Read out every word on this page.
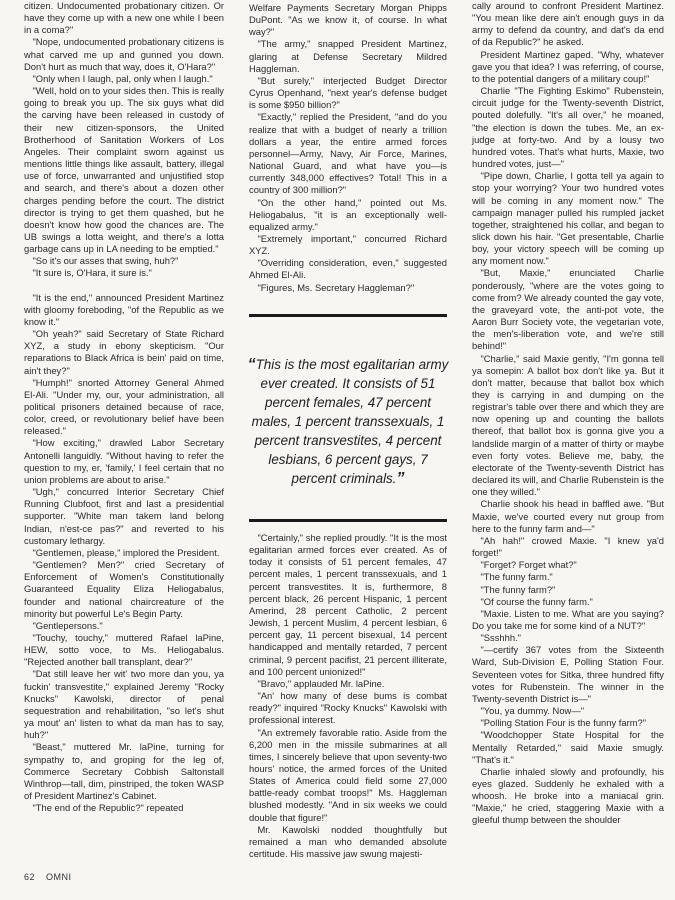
citizen. Undocumented probationary citizen. Or have they come up with a new one while I been in a coma?"

"Nope, undocumented probationary citizens is what carved me up and gunned you down. Don't hurt as much that way, does it, O'Hara?"

"Only when I laugh, pal, only when I laugh."

"Well, hold on to your sides then. This is really going to break you up. The six guys what did the carving have been released in custody of their new citizen-sponsors, the United Brotherhood of Sanitation Workers of Los Angeles. Their complaint sworn against us mentions little things like assault, battery, illegal use of force, unwarranted and unjustified stop and search, and there's about a dozen other charges pending before the court. The district director is trying to get them quashed, but he doesn't know how good the chances are. The UB swings a lotta weight, and there's a lotta garbage cans up in LA needing to be emptied."

"So it's our asses that swing, huh?"

"It sure is, O'Hara, it sure is."

"It is the end," announced President Martinez with gloomy foreboding, "of the Republic as we know it."

"Oh yeah?" said Secretary of State Richard XYZ, a study in ebony skepticism. "Our reparations to Black Africa is bein' paid on time, ain't they?"

"Humph!" snorted Attorney General Ahmed El-Ali. "Under my, our, your administration, all political prisoners detained because of race, color, creed, or revolutionary belief have been released."

"How exciting," drawled Labor Secretary Antonelli languidly. "Without having to refer the question to my, er, 'family,' I feel certain that no union problems are about to arise."

"Ugh," concurred Interior Secretary Chief Running Clubfoot, first and last a presidential supporter. "White man takem land belong Indian, n'est-ce pas?" and reverted to his customary lethargy.

"Gentlemen, please," implored the President.

"Gentlemen? Men?" cried Secretary of Enforcement of Women's Constitutionally Guaranteed Equality Eliza Heliogabalus, founder and national chaircreature of the minority but powerful Le's Begin Party.

"Gentlepersons."

"Touchy, touchy," muttered Rafael laPine, HEW, sotto voce, to Ms. Heliogabalus. "Rejected another ball transplant, dear?"

"Dat still leave her wit' two more dan you, ya fuckin' transvestite," explained Jeremy "Rocky Knucks" Kawolski, director of penal sequestration and rehabilitation, "so let's shut ya mout' an' listen to what da man has to say, huh?"

"Beast," muttered Mr. laPine, turning for sympathy to, and groping for the leg of, Commerce Secretary Cobbish Saltonstall Winthrop—tall, dim, pinstriped, the token WASP of President Martinez's Cabinet.

"The end of the Republic?" repeated

Welfare Payments Secretary Morgan Phipps DuPont. "As we know it, of course. In what way?"

"The army," snapped President Martinez, glaring at Defense Secretary Mildred Haggleman.

"But surely," interjected Budget Director Cyrus Openhand, "next year's defense budget is some $950 billion?"

"Exactly," replied the President, "and do you realize that with a budget of nearly a trillion dollars a year, the entire armed forces personnel—Army, Navy, Air Force, Marines, National Guard, and what have you—is currently 348,000 effectives? Total! This in a country of 300 million?"

"On the other hand," pointed out Ms. Heliogabalus, "it is an exceptionally well-equalized army."

"Extremely important," concurred Richard XYZ.

"Overriding consideration, even," suggested Ahmed El-Ali.

"Figures, Ms. Secretary Haggleman?"

“This is the most egalitarian army ever created. It consists of 51 percent females, 47 percent males, 1 percent transsexuals, 1 percent transvestites, 4 percent lesbians, 6 percent gays, 7 percent criminals.”

"Certainly," she replied proudly. "It is the most egalitarian armed forces ever created. As of today it consists of 51 percent females, 47 percent males, 1 percent transsexuals, and 1 percent transvestites. It is, furthermore, 8 percent black, 26 percent Hispanic, 1 percent Amerind, 28 percent Catholic, 2 percent Jewish, 1 percent Muslim, 4 percent lesbian, 6 percent gay, 11 percent bisexual, 14 percent handicapped and mentally retarded, 7 percent criminal, 9 percent pacifist, 21 percent illiterate, and 100 percent unionized!"

"Bravo," applauded Mr. laPine.

"An' how many of dese bums is combat ready?" inquired "Rocky Knucks" Kawolski with professional interest.

"An extremely favorable ratio. Aside from the 6,200 men in the missile submarines at all times, I sincerely believe that upon seventy-two hours' notice, the armed forces of the United States of America could field some 27,000 battle-ready combat troops!" Ms. Haggleman blushed modestly. "And in six weeks we could double that figure!"

Mr. Kawolski nodded thoughtfully but remained a man who demanded absolute certitude. His massive jaw swung majesti-

cally around to confront President Martinez. "You mean like dere ain't enough guys in da army to defend da country, and dat's da end of da Republic?" he asked.

President Martinez gaped. "Why, whatever gave you that idea? I was referring, of course, to the potential dangers of a military coup!"

Charlie "The Fighting Eskimo" Rubenstein, circuit judge for the Twenty-seventh District, pouted dolefully. "It's all over," he moaned, "the election is down the tubes. Me, an ex-judge at forty-two. And by a lousy two hundred votes. That's what hurts, Maxie, two hundred votes, just—"

"Pipe down, Charlie, I gotta tell ya again to stop your worrying? Your two hundred votes will be coming in any moment now." The campaign manager pulled his rumpled jacket together, straightened his collar, and began to slick down his hair. "Get presentable, Charlie boy, your victory speech will be coming up any moment now."

"But, Maxie," enunciated Charlie ponderously, "where are the votes going to come from? We already counted the gay vote, the graveyard vote, the anti-pot vote, the Aaron Burr Society vote, the vegetarian vote, the men's-liberation vote, and we're still behind!"

"Charlie," said Maxie gently, "I'm gonna tell ya somepin: A ballot box don't like ya. But it don't matter, because that ballot box which they is carrying in and dumping on the registrar's table over there and which they are now opening up and counting the ballots thereof, that ballot box is gonna give you a landslide margin of a matter of thirty or maybe even forty votes. Believe me, baby, the electorate of the Twenty-seventh District has declared its will, and Charlie Rubenstein is the one they willed."

Charlie shook his head in baffled awe. "But Maxie, we've courted every nut group from here to the funny farm and—"

"Ah hah!" crowed Maxie. "I knew ya'd forget!"

"Forget? Forget what?"

"The funny farm."

"The funny farm?"

"Of course the funny farm."

"Maxie. Listen to me. What are you saying? Do you take me for some kind of a NUT?"

"Ssshhh."

"—certify 367 votes from the Sixteenth Ward, Sub-Division E, Polling Station Four. Seventeen votes for Sitka, three hundred fifty votes for Rubenstein. The winner in the Twenty-seventh District is—"

"You, ya dummy. Now—"

"Polling Station Four is the funny farm?"

"Woodchopper State Hospital for the Mentally Retarded," said Maxie smugly. "That's it."

Charlie inhaled slowly and profoundly, his eyes glazed. Suddenly he exhaled with a whoosh. He broke into a maniacal grin. "Maxie," he cried, staggering Maxie with a gleeful thump between the shoulder

62 OMNI
